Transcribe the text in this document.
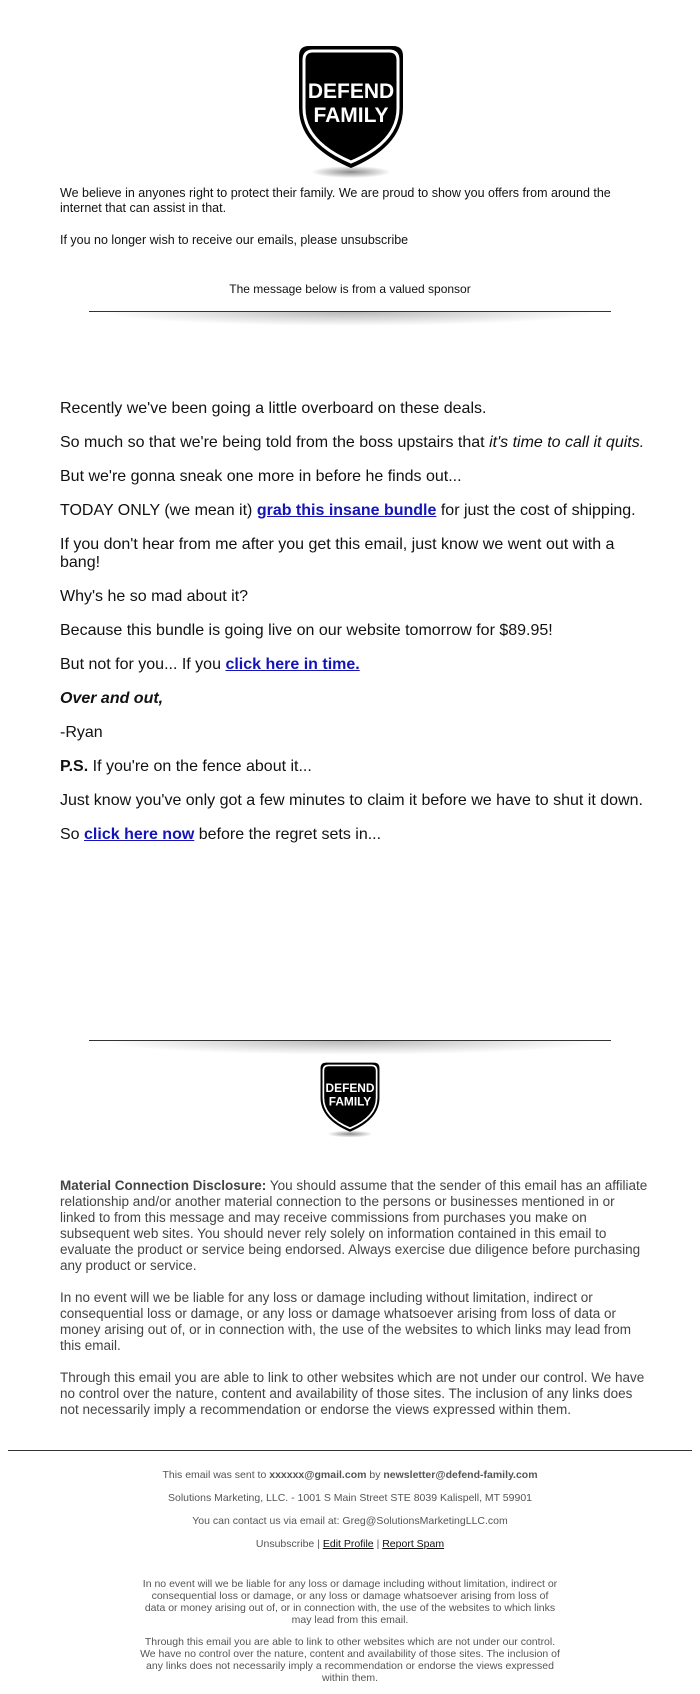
DEFEND
FAMILY
We believe in anyones right to protect their family. We are proud to show you offers from around the internet that can assist in that.
If you no longer wish to receive our emails, please unsubscribe
The message below is from a valued sponsor

Recently we've been going a little overboard on these deals.

So much so that we're being told from the boss upstairs that it's time to call it quits.

But we're gonna sneak one more in before he finds out...

TODAY ONLY (we mean it) grab this insane bundle for just the cost of shipping.

If you don't hear from me after you get this email, just know we went out with a bang!

Why's he so mad about it?

Because this bundle is going live on our website tomorrow for $89.95!

But not for you... If you click here in time.

Over and out,

-Ryan

P.S. If you're on the fence about it...

Just know you've only got a few minutes to claim it before we have to shut it down.

So click here now before the regret sets in...

DEFEND
FAMILY

Material Connection Disclosure: You should assume that the sender of this email has an affiliate relationship and/or another material connection to the persons or businesses mentioned in or linked to from this message and may receive commissions from purchases you make on subsequent web sites. You should never rely solely on information contained in this email to evaluate the product or service being endorsed. Always exercise due diligence before purchasing any product or service.

In no event will we be liable for any loss or damage including without limitation, indirect or consequential loss or damage, or any loss or damage whatsoever arising from loss of data or money arising out of, or in connection with, the use of the websites to which links may lead from this email.

Through this email you are able to link to other websites which are not under our control. We have no control over the nature, content and availability of those sites. The inclusion of any links does not necessarily imply a recommendation or endorse the views expressed within them.

This email was sent to xxxxxx@gmail.com by newsletter@defend-family.com
Solutions Marketing, LLC. - 1001 S Main Street STE 8039 Kalispell, MT 59901
You can contact us via email at: Greg@SolutionsMarketingLLC.com
Unsubscribe | Edit Profile | Report Spam

In no event will we be liable for any loss or damage including without limitation, indirect or consequential loss or damage, or any loss or damage whatsoever arising from loss of data or money arising out of, or in connection with, the use of the websites to which links may lead from this email.

Through this email you are able to link to other websites which are not under our control. We have no control over the nature, content and availability of those sites. The inclusion of any links does not necessarily imply a recommendation or endorse the views expressed within them.
